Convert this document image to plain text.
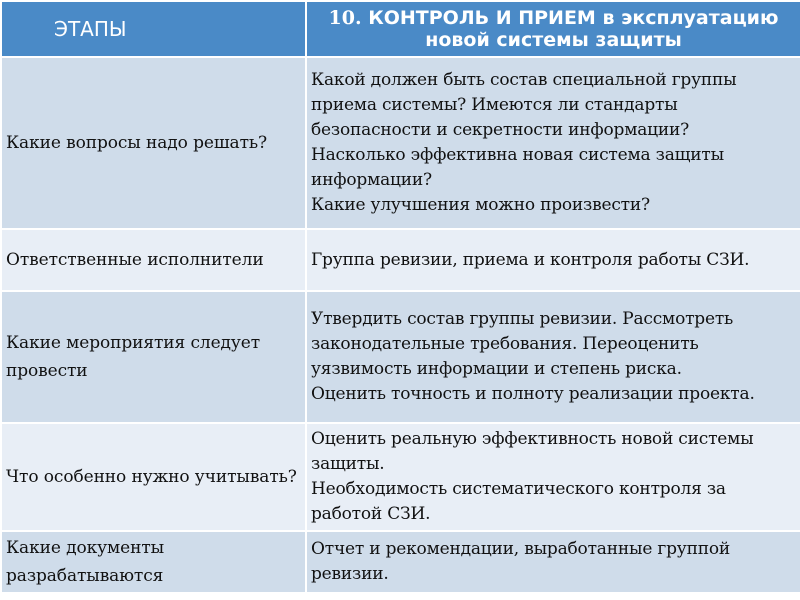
ЭТАПЫ	10. КОНТРОЛЬ И ПРИЕМ в эксплуатацию новой системы защиты
Какие вопросы надо решать?	Какой должен быть состав специальной группы приема системы? Имеются ли стандарты безопасности и секретности информации?
Насколько эффективна новая система защиты информации?
Какие улучшения можно произвести?

Ответственные исполнители	Группа ревизии, приема и контроля работы СЗИ.

Какие мероприятия следует провести	Утвердить состав группы ревизии. Рассмотреть законодательные требования. Переоценить уязвимость информации и степень риска.
Оценить точность и полноту реализации проекта.

Что особенно нужно учитывать?	Оценить реальную эффективность новой системы защиты.
Необходимость систематического контроля за работой СЗИ.

Какие документы разрабатываются	Отчет и рекомендации, выработанные группой ревизии.
